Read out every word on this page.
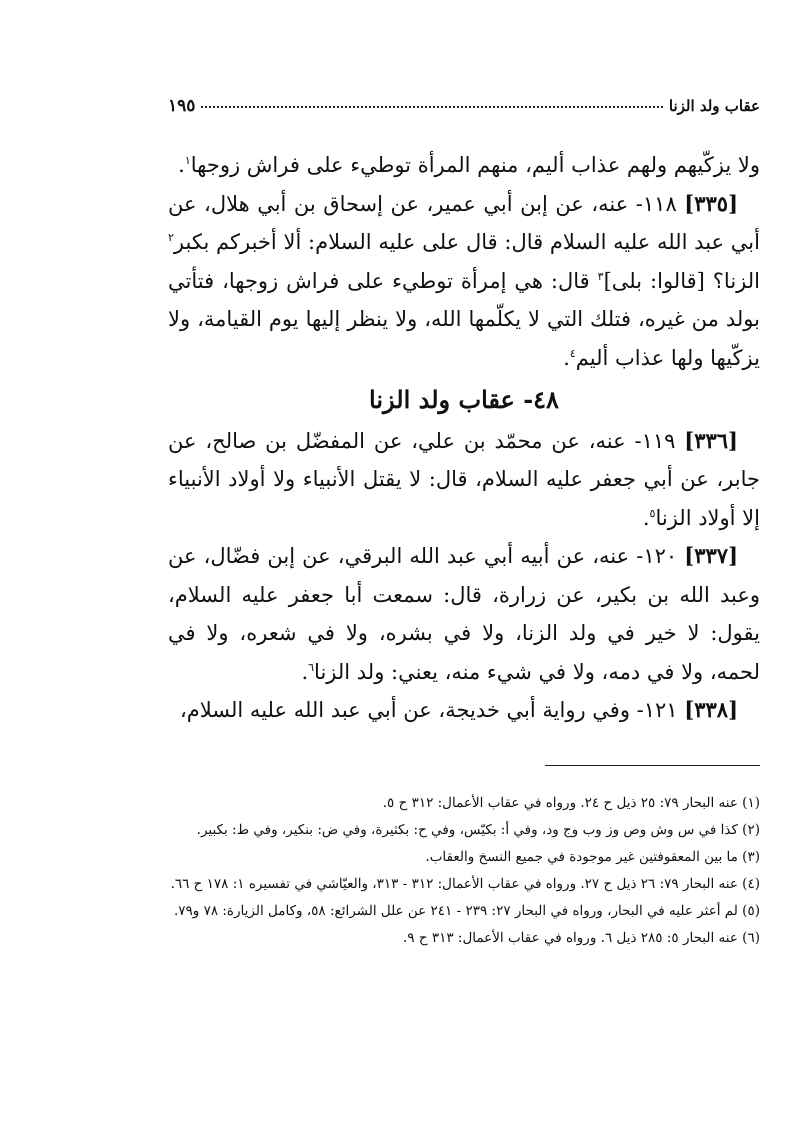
عقاب ولد الزنا
١٩٥

ولا يزكّيهم ولهم عذاب أليم، منهم المرأة توطيء على فراش زوجها$^١$.

[٣٣٥] ١١٨- عنه، عن إبن أبي عمير، عن إسحاق بن أبي هلال، عن أبي عبد الله عليه السلام قال: قال على عليه السلام: ألا أخبركم بكبر$^٢$ الزنا؟ [قالوا: بلى]$^٣$ قال: هي إمرأة توطيء على فراش زوجها، فتأتي بولد من غيره، فتلك التي لا يكلّمها الله، ولا ينظر إليها يوم القيامة، ولا يزكّيها ولها عذاب أليم$^٤$.

٤٨- عقاب ولد الزنا

[٣٣٦] ١١٩- عنه، عن محمّد بن علي، عن المفضّل بن صالح، عن جابر، عن أبي جعفر عليه السلام، قال: لا يقتل الأنبياء ولا أولاد الأنبياء إلا أولاد الزنا$^٥$.

[٣٣٧] ١٢٠- عنه، عن أبيه أبي عبد الله البرقي، عن إبن فضّال، عن وعبد الله بن بكير، عن زرارة، قال: سمعت أبا جعفر عليه السلام، يقول: لا خير في ولد الزنا، ولا في بشره، ولا في شعره، ولا في لحمه، ولا في دمه، ولا في شيء منه، يعني: ولد الزنا$^٦$.

[٣٣٨] ١٢١- وفي رواية أبي خديجة، عن أبي عبد الله عليه السلام،

(١) عنه البحار ٧٩: ٢٥ ذيل ح ٢٤. ورواه في عقاب الأعمال: ٣١٢ ح ٥.

(٢) كذا في س وش وص وز وب وج ود، وفي أ: بكيّس، وفي ح: بكثيرة، وفي ض: بنكير، وفي ط: بكبير.

(٣) ما بين المعقوفتين غير موجودة في جميع النسخ والعقاب.

(٤) عنه البحار ٧٩: ٢٦ ذيل ح ٢٧. ورواه في عقاب الأعمال: ٣١٢ - ٣١٣، والعيّاشي في تفسيره ١: ١٧٨ ح ٦٦.

(٥) لم أعثر عليه في البحار، ورواه في البحار ٢٧: ٢٣٩ - ٢٤١ عن علل الشرائع: ٥٨، وكامل الزيارة: ٧٨ و٧٩.

(٦) عنه البحار ٥: ٢٨٥ ذيل ٦. ورواه في عقاب الأعمال: ٣١٣ ح ٩.
